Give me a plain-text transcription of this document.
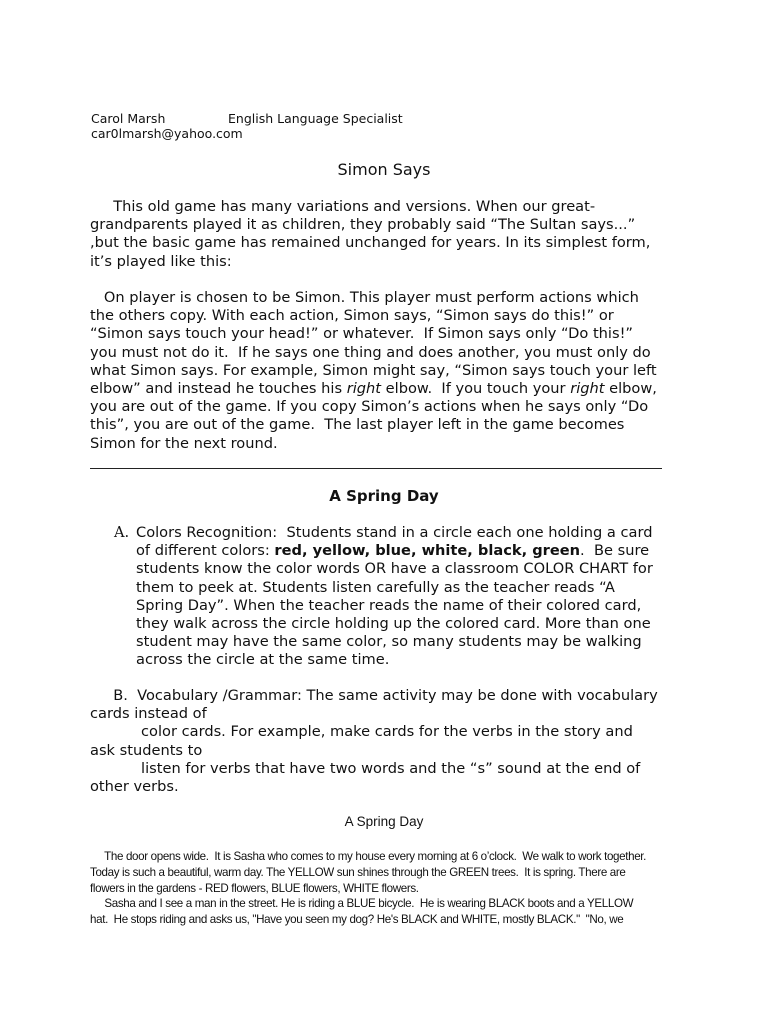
Carol Marsh	English Language Specialist
car0lmarsh@yahoo.com
Simon Says
This old game has many variations and versions. When our great-
grandparents played it as children, they probably said “The Sultan says...”
,but the basic game has remained unchanged for years. In its simplest form,
it’s played like this:
On player is chosen to be Simon. This player must perform actions which
the others copy. With each action, Simon says, “Simon says do this!” or
“Simon says touch your head!” or whatever.  If Simon says only “Do this!”
you must not do it.  If he says one thing and does another, you must only do
what Simon says. For example, Simon might say, “Simon says touch your left
elbow” and instead he touches his right elbow.  If you touch your right elbow,
you are out of the game. If you copy Simon’s actions when he says only “Do
this”, you are out of the game.  The last player left in the game becomes
Simon for the next round.
A Spring Day
A. Colors Recognition:  Students stand in a circle each one holding a card
of different colors: red, yellow, blue, white, black, green.  Be sure
students know the color words OR have a classroom COLOR CHART for
them to peek at. Students listen carefully as the teacher reads “A
Spring Day”. When the teacher reads the name of their colored card,
they walk across the circle holding up the colored card. More than one
student may have the same color, so many students may be walking
across the circle at the same time.
B.  Vocabulary /Grammar: The same activity may be done with vocabulary
cards instead of
color cards. For example, make cards for the verbs in the story and
ask students to
listen for verbs that have two words and the “s” sound at the end of
other verbs.
A Spring Day
The door opens wide.  It is Sasha who comes to my house every morning at 6 o’clock.  We walk to work together.
Today is such a beautiful, warm day. The YELLOW sun shines through the GREEN trees.  It is spring. There are
flowers in the gardens - RED flowers, BLUE flowers, WHITE flowers.
Sasha and I see a man in the street. He is riding a BLUE bicycle.  He is wearing BLACK boots and a YELLOW
hat.  He stops riding and asks us, "Have you seen my dog? He's BLACK and WHITE, mostly BLACK."  "No, we
